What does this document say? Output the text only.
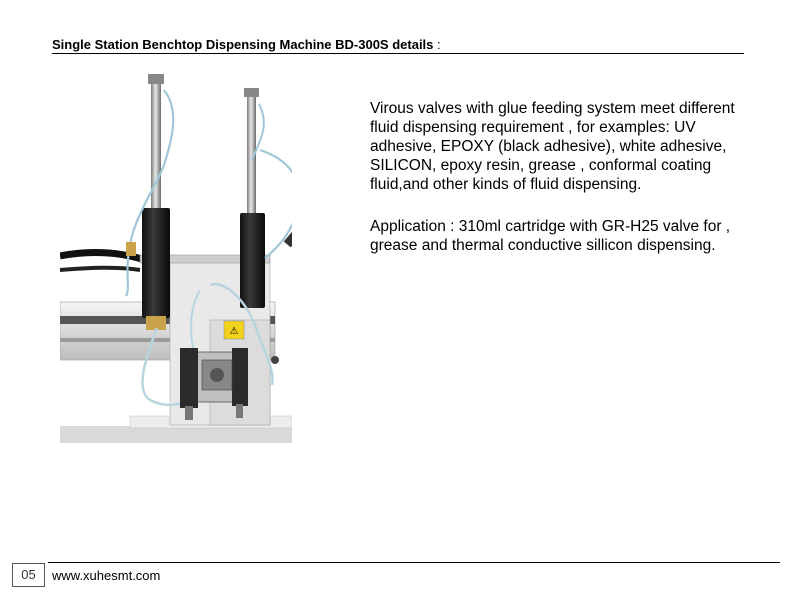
Single Station Benchtop Dispensing Machine BD-300S details :
⚠

Virous valves with glue feeding system meet different fluid dispensing requirement , for examples: UV adhesive, EPOXY (black adhesive), white adhesive, SILICON, epoxy resin, grease , conformal coating fluid,and other kinds of fluid dispensing.

Application : 310ml cartridge with GR-H25 valve for , grease and thermal conductive sillicon dispensing.

05	www.xuhesmt.com
